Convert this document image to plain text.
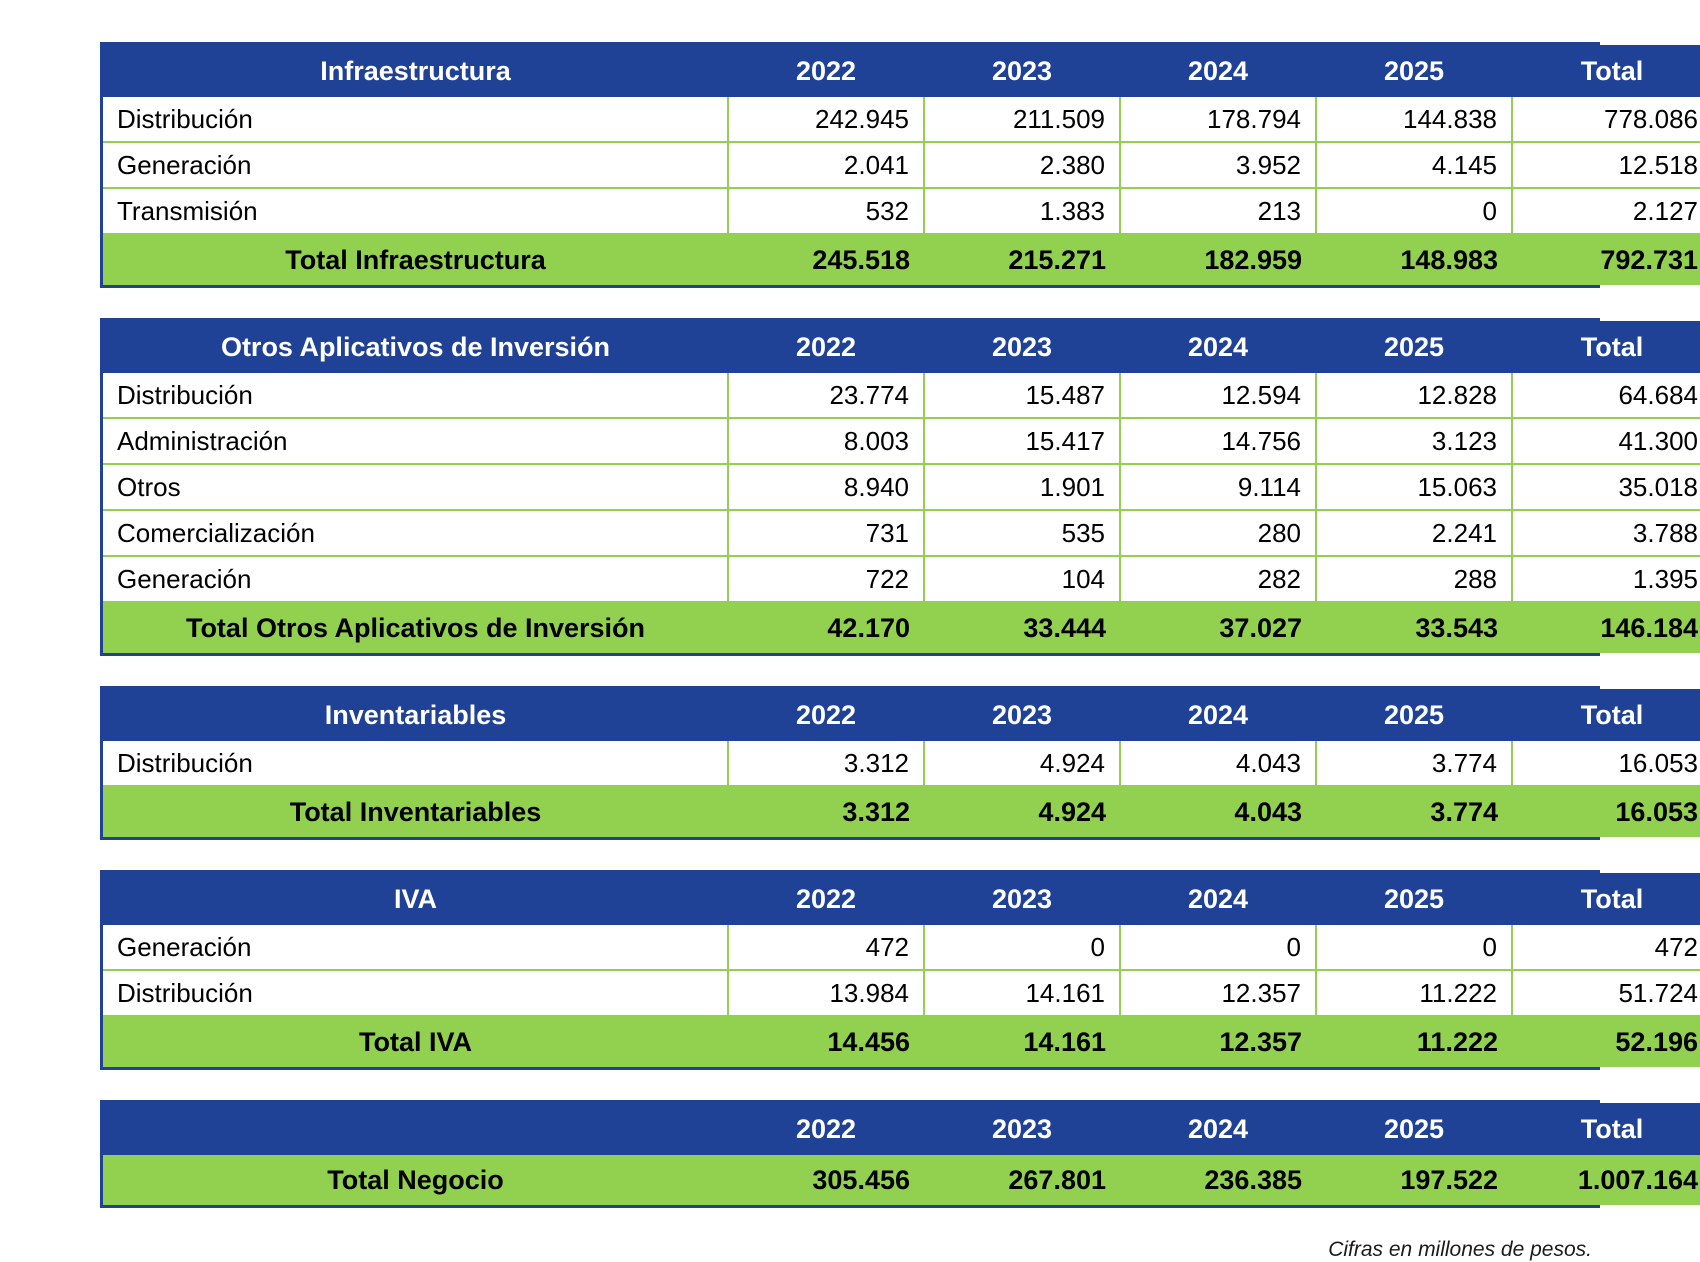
Infraestructura	2022	2023	2024	2025	Total
Distribución	242.945	211.509	178.794	144.838	778.086
Generación	2.041	2.380	3.952	4.145	12.518
Transmisión	532	1.383	213	0	2.127
Total Infraestructura	245.518	215.271	182.959	148.983	792.731
Otros Aplicativos de Inversión	2022	2023	2024	2025	Total
Distribución	23.774	15.487	12.594	12.828	64.684
Administración	8.003	15.417	14.756	3.123	41.300
Otros	8.940	1.901	9.114	15.063	35.018
Comercialización	731	535	280	2.241	3.788
Generación	722	104	282	288	1.395
Total Otros Aplicativos de Inversión	42.170	33.444	37.027	33.543	146.184
Inventariables	2022	2023	2024	2025	Total
Distribución	3.312	4.924	4.043	3.774	16.053
Total Inventariables	3.312	4.924	4.043	3.774	16.053
IVA	2022	2023	2024	2025	Total
Generación	472	0	0	0	472
Distribución	13.984	14.161	12.357	11.222	51.724
Total IVA	14.456	14.161	12.357	11.222	52.196
	2022	2023	2024	2025	Total
Total Negocio	305.456	267.801	236.385	197.522	1.007.164
Cifras en millones de pesos.
